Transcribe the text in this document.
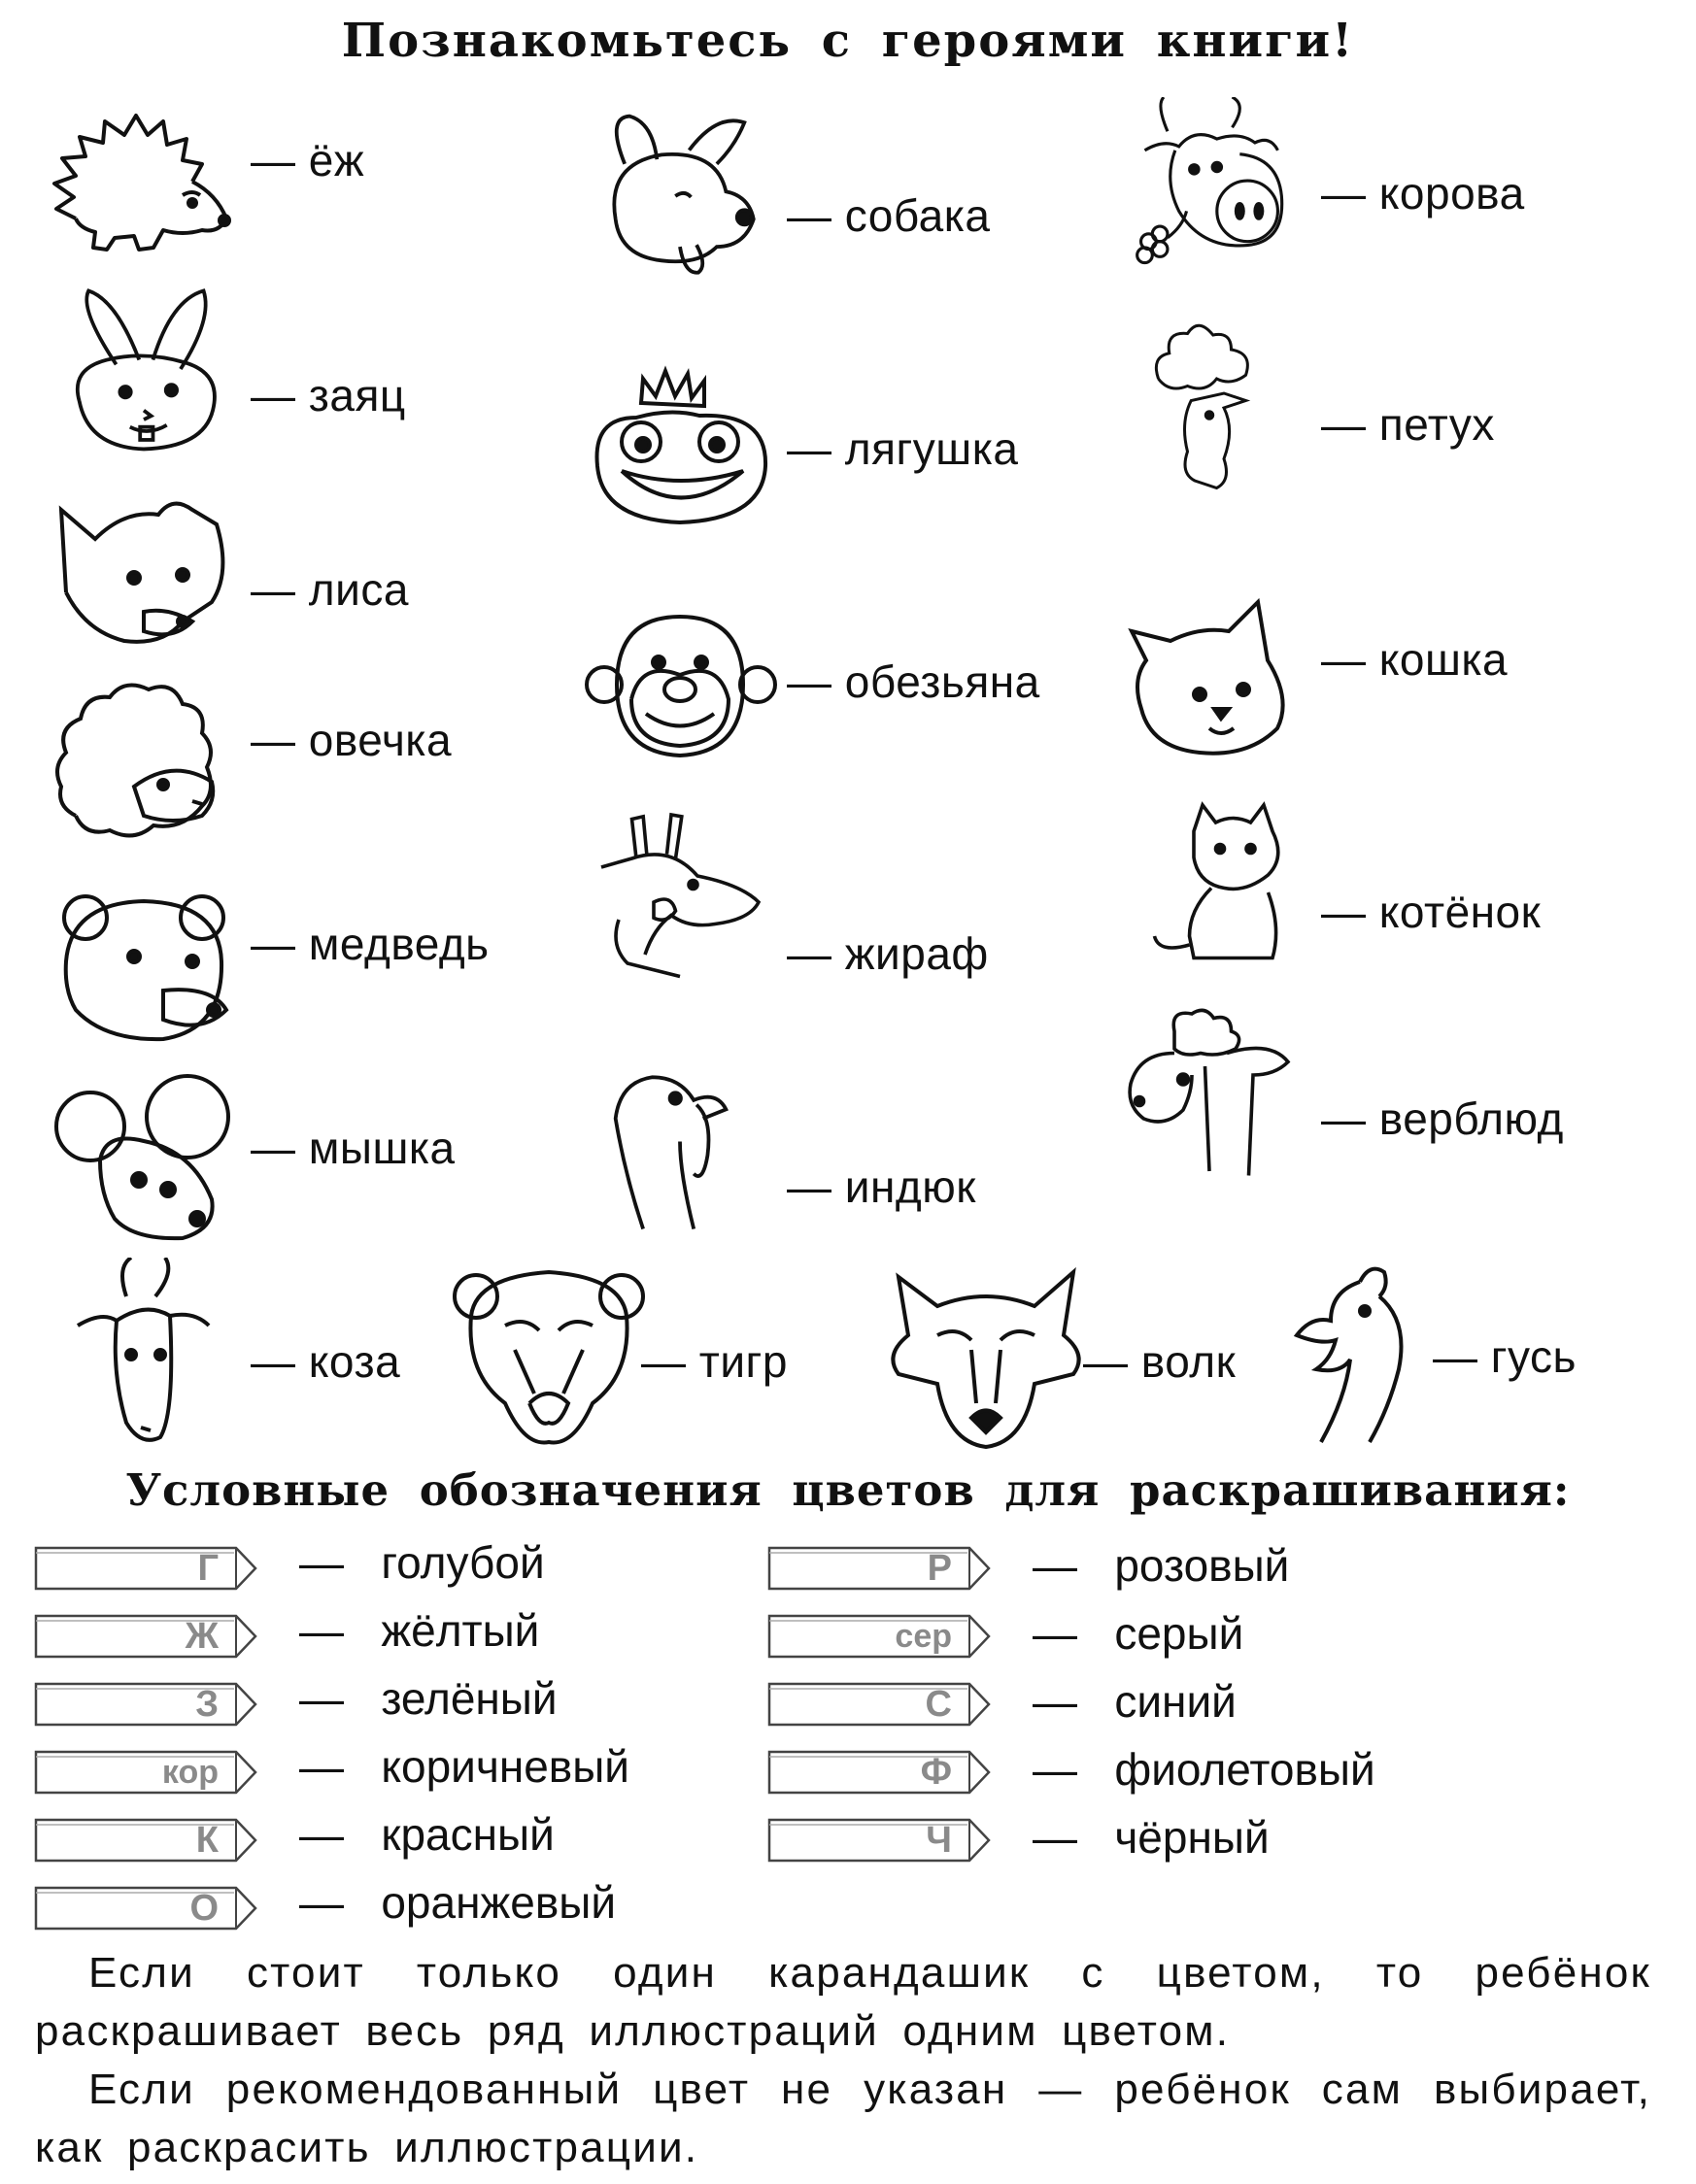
Познакомьтесь с героями книги!
— ёж
— заяц
— лиса
— овечка
— медведь
— мышка
— собака
— лягушка
— обезьяна
— жираф
— индюк
— корова
— петух
— кошка
— котёнок
— верблюд
— коза	— тигр	— волк	— гусь
Условные обозначения цветов для раскрашивания:
Г — голубой
Ж — жёлтый
З — зелёный
кор — коричневый
К — красный
О — оранжевый
Р — розовый
сер — серый
С — синий
Ф — фиолетовый
Ч — чёрный
Если стоит только один карандашик с цветом, то ребёнок раскрашивает весь ряд иллюстраций одним цветом.
Если рекомендованный цвет не указан — ребёнок сам выбирает, как раскрасить иллюстрации.
